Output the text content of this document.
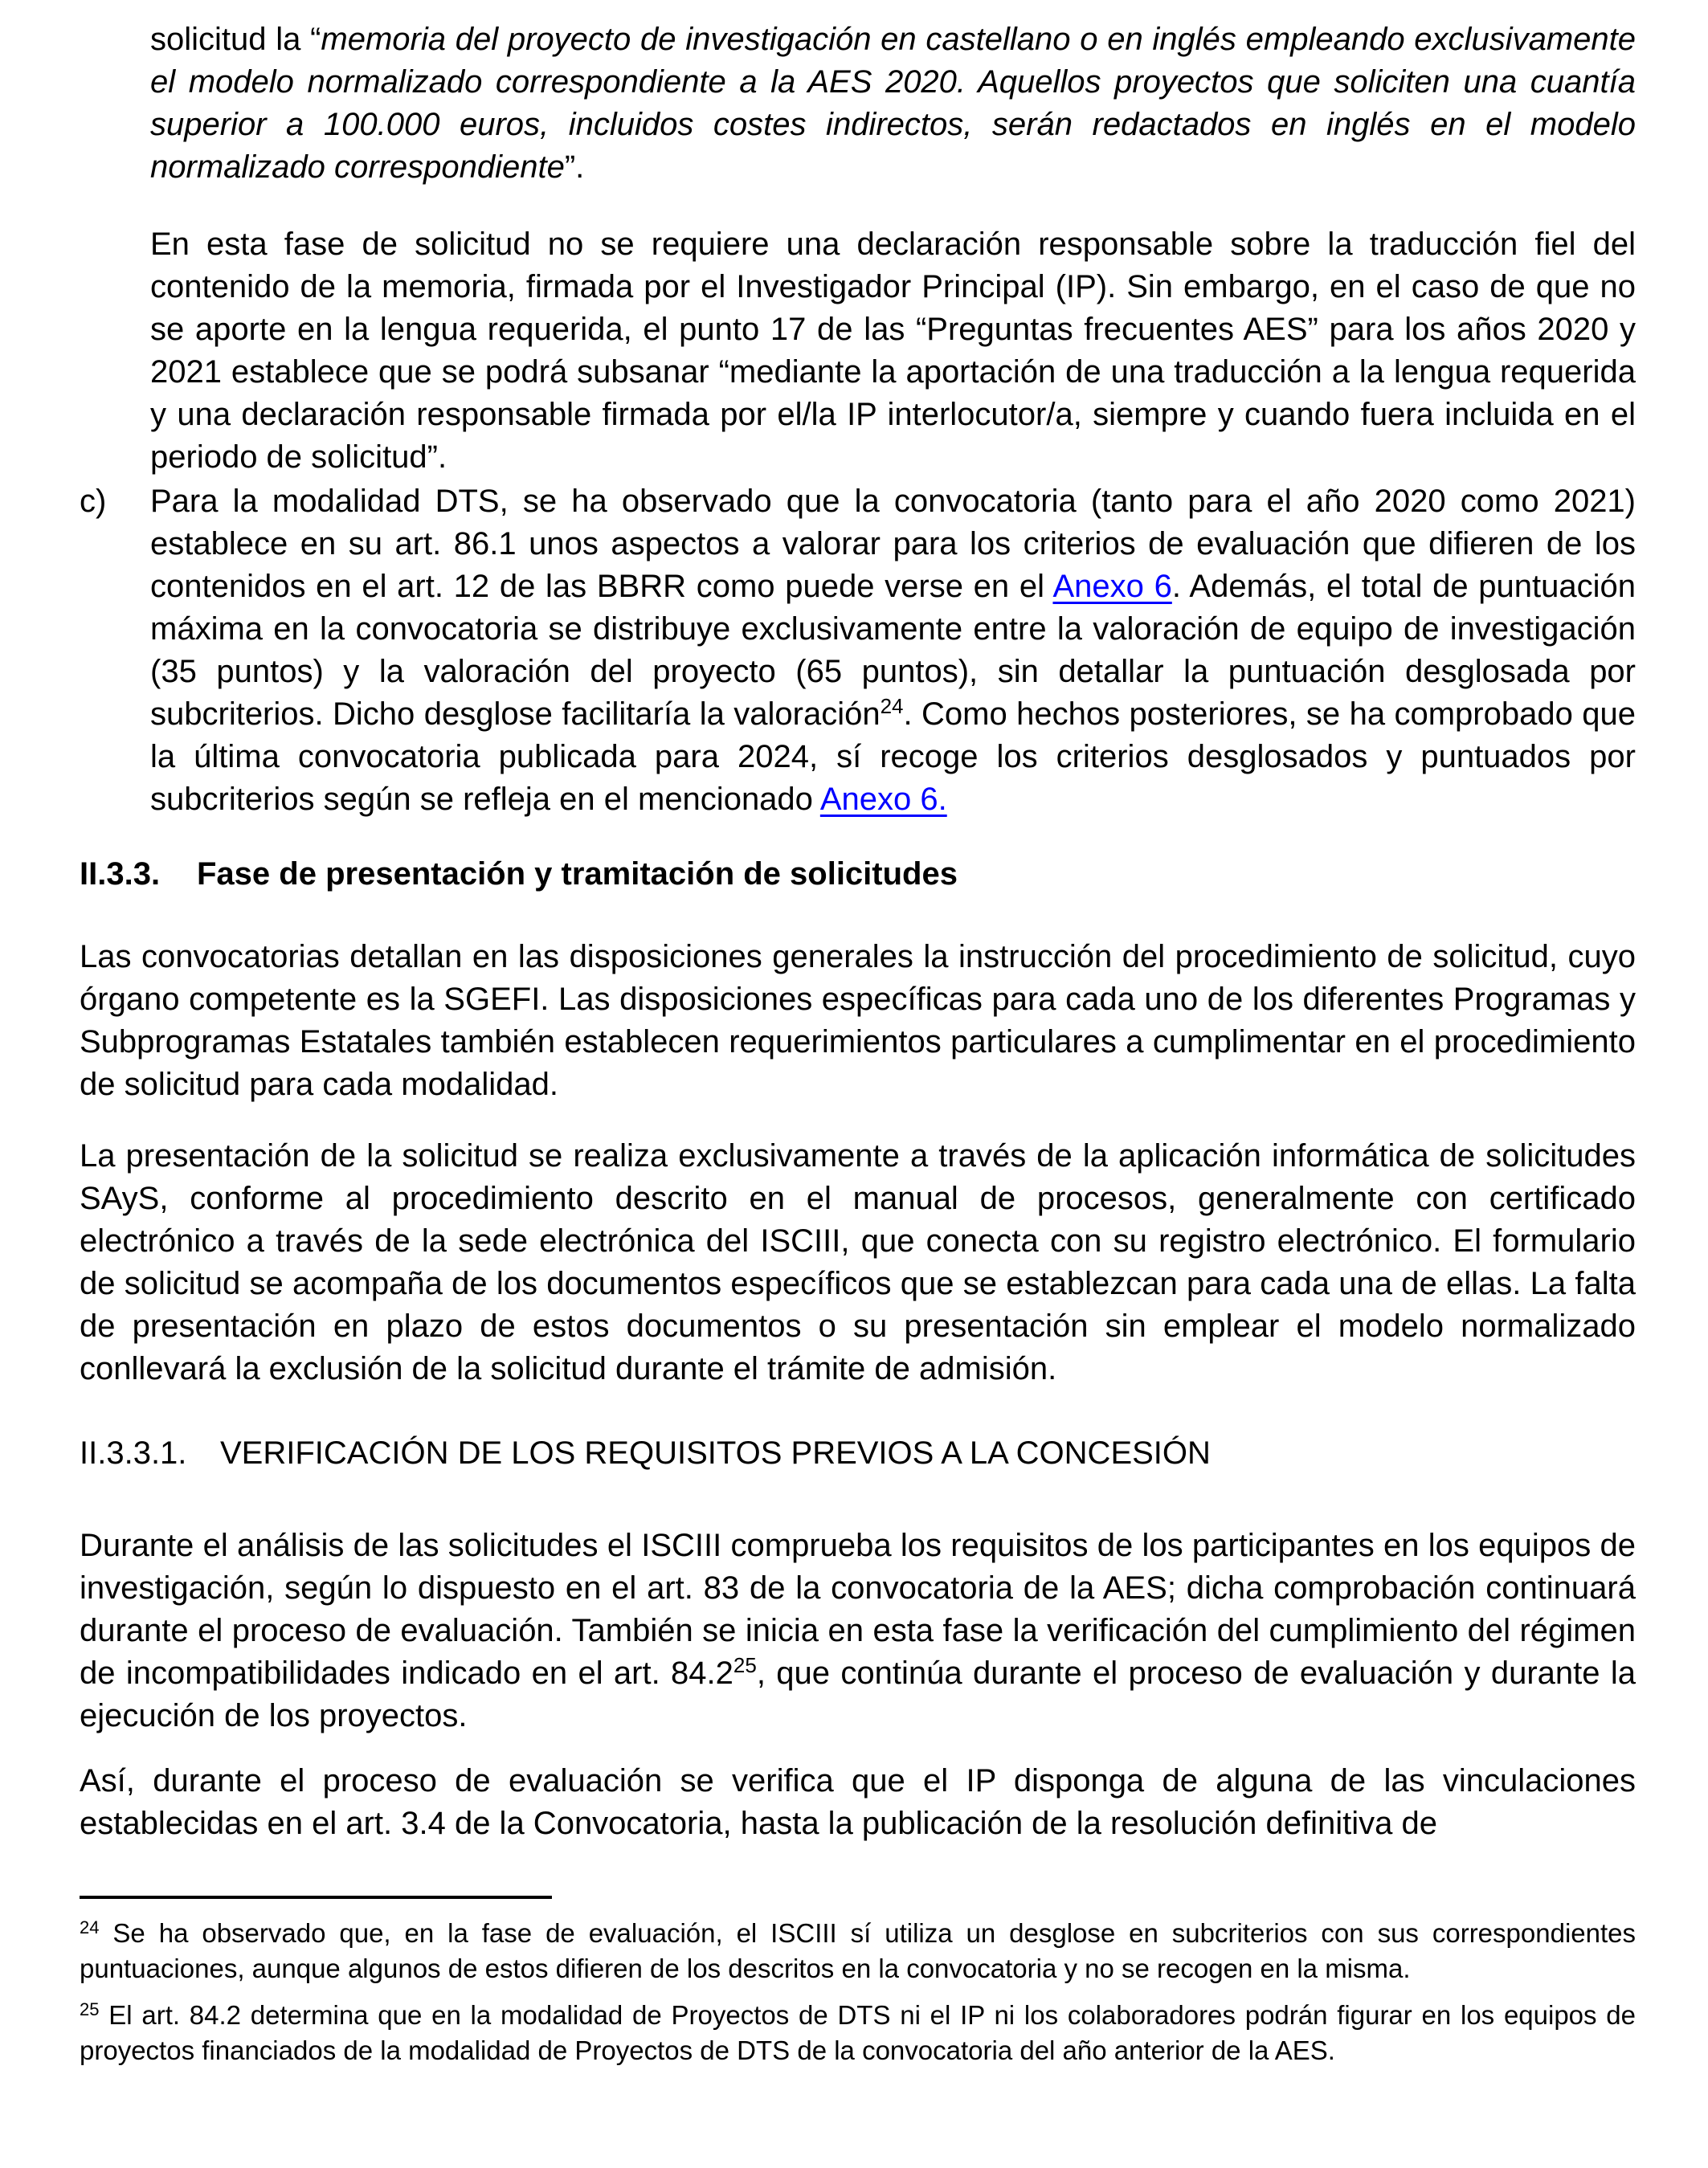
solicitud la “memoria del proyecto de investigación en castellano o en inglés empleando exclusivamente el modelo normalizado correspondiente a la AES 2020. Aquellos proyectos que soliciten una cuantía superior a 100.000 euros, incluidos costes indirectos, serán redactados en inglés en el modelo normalizado correspondiente”.

En esta fase de solicitud no se requiere una declaración responsable sobre la traducción fiel del contenido de la memoria, firmada por el Investigador Principal (IP). Sin embargo, en el caso de que no se aporte en la lengua requerida, el punto 17 de las “Preguntas frecuentes AES” para los años 2020 y 2021 establece que se podrá subsanar “mediante la aportación de una traducción a la lengua requerida y una declaración responsable firmada por el/la IP interlocutor/a, siempre y cuando fuera incluida en el periodo de solicitud”.

c)	Para la modalidad DTS, se ha observado que la convocatoria (tanto para el año 2020 como 2021) establece en su art. 86.1 unos aspectos a valorar para los criterios de evaluación que difieren de los contenidos en el art. 12 de las BBRR como puede verse en el Anexo 6. Además, el total de puntuación máxima en la convocatoria se distribuye exclusivamente entre la valoración de equipo de investigación (35 puntos) y la valoración del proyecto (65 puntos), sin detallar la puntuación desglosada por subcriterios. Dicho desglose facilitaría la valoración$^{24}$. Como hechos posteriores, se ha comprobado que la última convocatoria publicada para 2024, sí recoge los criterios desglosados y puntuados por subcriterios según se refleja en el mencionado Anexo 6.
II.3.3. Fase de presentación y tramitación de solicitudes

Las convocatorias detallan en las disposiciones generales la instrucción del procedimiento de solicitud, cuyo órgano competente es la SGEFI. Las disposiciones específicas para cada uno de los diferentes Programas y Subprogramas Estatales también establecen requerimientos particulares a cumplimentar en el procedimiento de solicitud para cada modalidad.

La presentación de la solicitud se realiza exclusivamente a través de la aplicación informática de solicitudes SAyS, conforme al procedimiento descrito en el manual de procesos, generalmente con certificado electrónico a través de la sede electrónica del ISCIII, que conecta con su registro electrónico. El formulario de solicitud se acompaña de los documentos específicos que se establezcan para cada una de ellas. La falta de presentación en plazo de estos documentos o su presentación sin emplear el modelo normalizado conllevará la exclusión de la solicitud durante el trámite de admisión.

II.3.3.1. VERIFICACIÓN DE LOS REQUISITOS PREVIOS A LA CONCESIÓN

Durante el análisis de las solicitudes el ISCIII comprueba los requisitos de los participantes en los equipos de investigación, según lo dispuesto en el art. 83 de la convocatoria de la AES; dicha comprobación continuará durante el proceso de evaluación. También se inicia en esta fase la verificación del cumplimiento del régimen de incompatibilidades indicado en el art. 84.2$^{25}$, que continúa durante el proceso de evaluación y durante la ejecución de los proyectos.

Así, durante el proceso de evaluación se verifica que el IP disponga de alguna de las vinculaciones establecidas en el art. 3.4 de la Convocatoria, hasta la publicación de la resolución definitiva de

$^{24}$ Se ha observado que, en la fase de evaluación, el ISCIII sí utiliza un desglose en subcriterios con sus correspondientes puntuaciones, aunque algunos de estos difieren de los descritos en la convocatoria y no se recogen en la misma.

$^{25}$ El art. 84.2 determina que en la modalidad de Proyectos de DTS ni el IP ni los colaboradores podrán figurar en los equipos de proyectos financiados de la modalidad de Proyectos de DTS de la convocatoria del año anterior de la AES.
